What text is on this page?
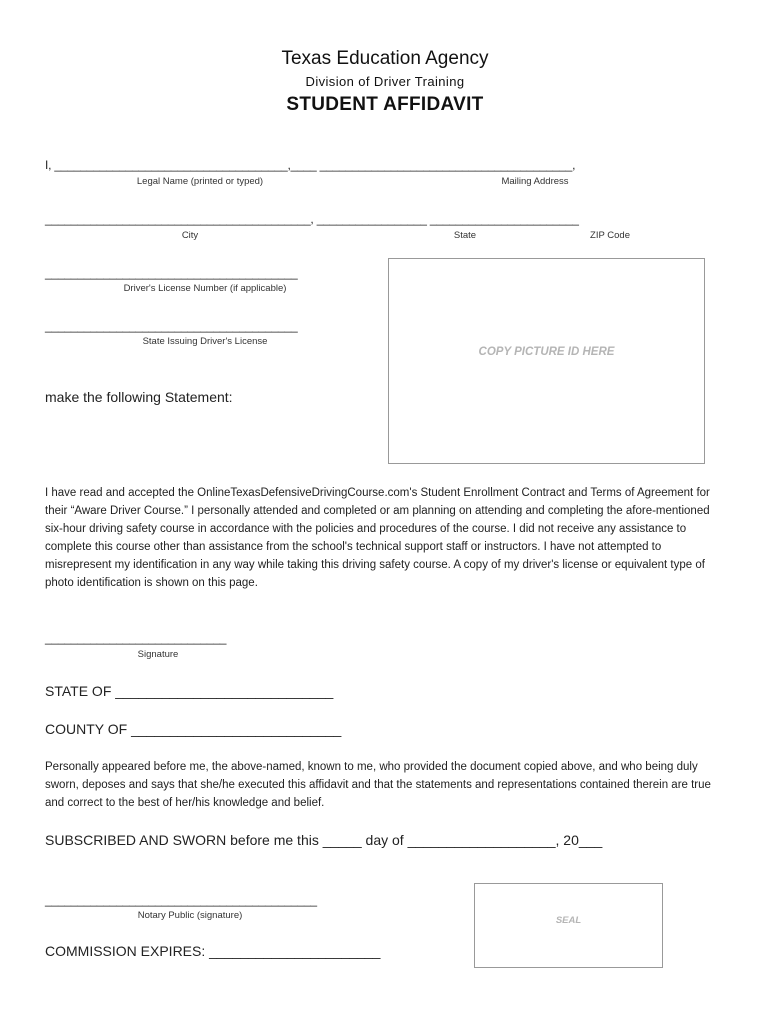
Texas Education Agency
Division of Driver Training
STUDENT AFFIDAVIT
I, ____________________________________,____ _______________________________________,
Legal Name (printed or typed)	Mailing Address
_________________________________________, _________________ _______________________
City	State	ZIP Code
_______________________________________
Driver's License Number (if applicable)
_______________________________________
State Issuing Driver's License
COPY PICTURE ID HERE
make the following Statement:
I have read and accepted the OnlineTexasDefensiveDrivingCourse.com's Student Enrollment Contract and Terms of Agreement for their “Aware Driver Course.” I personally attended and completed or am planning on attending and completing the afore-mentioned six-hour driving safety course in accordance with the policies and procedures of the course. I did not receive any assistance to complete this course other than assistance from the school's technical support staff or instructors. I have not attempted to misrepresent my identification in any way while taking this driving safety course. A copy of my driver's license or equivalent type of photo identification is shown on this page.
____________________________
Signature
STATE OF ____________________________
COUNTY OF ___________________________
Personally appeared before me, the above-named, known to me, who provided the document copied above, and who being duly sworn, deposes and says that she/he executed this affidavit and that the statements and representations contained therein are true and correct to the best of her/his knowledge and belief.
SUBSCRIBED AND SWORN before me this _____ day of ___________________, 20___
__________________________________________
Notary Public (signature)
COMMISSION EXPIRES: ______________________
SEAL
